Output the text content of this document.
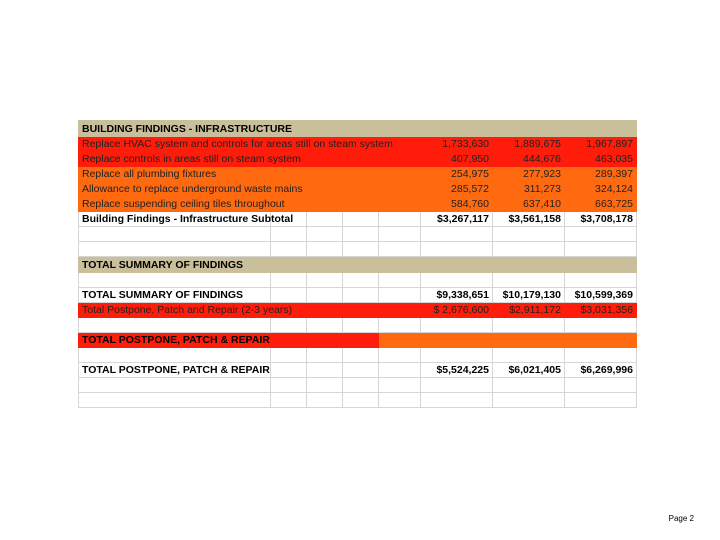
BUILDING FINDINGS - INFRASTRUCTURE							
Replace HVAC system and controls for areas still on steam system					1,733,630	1,889,675	1,967,897
Replace controls in areas still on steam system					407,950	444,676	463,035
Replace all plumbing fixtures					254,975	277,923	289,397
Allowance to replace underground waste mains					285,572	311,273	324,124
Replace suspending ceiling tiles throughout					584,760	637,410	663,725
Building Findings - Infrastructure Subtotal					$3,267,117	$3,561,158	$3,708,178

TOTAL SUMMARY OF FINDINGS							

TOTAL SUMMARY OF FINDINGS					$9,338,651	$10,179,130	$10,599,369
Total Postpone, Patch and Repair (2-3 years)					$ 2,676,600	$2,911,172	$3,031,356

TOTAL POSTPONE, PATCH & REPAIR							

TOTAL POSTPONE, PATCH & REPAIR					$5,524,225	$6,021,405	$6,269,996

Page 2
